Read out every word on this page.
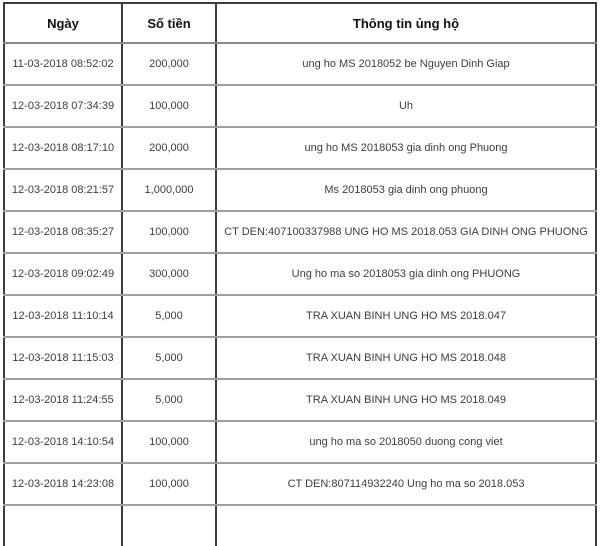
Ngày	Số tiền	Thông tin ủng hộ
11-03-2018 08:52:02	200,000	ung ho MS 2018052 be Nguyen Dinh Giap
12-03-2018 07:34:39	100,000	Uh
12-03-2018 08:17:10	200,000	ung ho MS 2018053 gia dinh ong Phuong
12-03-2018 08:21:57	1,000,000	Ms 2018053 gia dinh ong phuong
12-03-2018 08:35:27	100,000	CT DEN:407100337988 UNG HO MS 2018.053 GIA DINH ONG PHUONG
12-03-2018 09:02:49	300,000	Ung ho ma so 2018053 gia dinh ong PHUONG
12-03-2018 11:10:14	5,000	TRA XUAN BINH UNG HO MS 2018.047
12-03-2018 11:15:03	5,000	TRA XUAN BINH UNG HO MS 2018.048
12-03-2018 11:24:55	5,000	TRA XUAN BINH UNG HO MS 2018.049
12-03-2018 14:10:54	100,000	ung ho ma so 2018050 duong cong viet
12-03-2018 14:23:08	100,000	CT DEN:807114932240 Ung ho ma so 2018.053
